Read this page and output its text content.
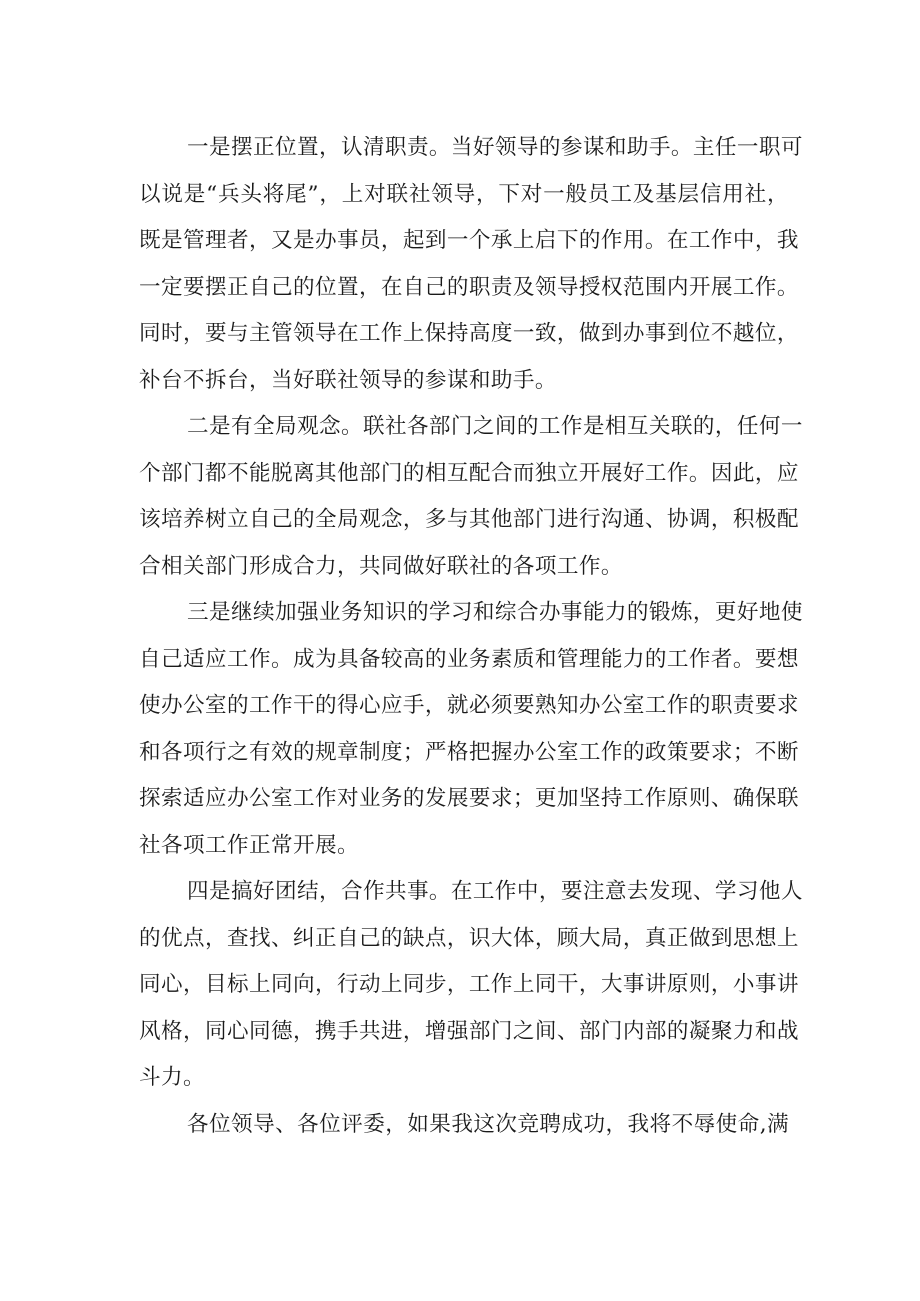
一是摆正位置，认清职责。当好领导的参谋和助手。主任一职可
以说是“兵头将尾”，上对联社领导，下对一般员工及基层信用社，
既是管理者，又是办事员，起到一个承上启下的作用。在工作中，我
一定要摆正自己的位置，在自己的职责及领导授权范围内开展工作。
同时，要与主管领导在工作上保持高度一致，做到办事到位不越位，
补台不拆台，当好联社领导的参谋和助手。
二是有全局观念。联社各部门之间的工作是相互关联的，任何一
个部门都不能脱离其他部门的相互配合而独立开展好工作。因此，应
该培养树立自己的全局观念，多与其他部门进行沟通、协调，积极配
合相关部门形成合力，共同做好联社的各项工作。
三是继续加强业务知识的学习和综合办事能力的锻炼，更好地使
自己适应工作。成为具备较高的业务素质和管理能力的工作者。要想
使办公室的工作干的得心应手，就必须要熟知办公室工作的职责要求
和各项行之有效的规章制度；严格把握办公室工作的政策要求；不断
探索适应办公室工作对业务的发展要求；更加坚持工作原则、确保联
社各项工作正常开展。
四是搞好团结，合作共事。在工作中，要注意去发现、学习他人
的优点，查找、纠正自己的缺点，识大体，顾大局，真正做到思想上
同心，目标上同向，行动上同步，工作上同干，大事讲原则，小事讲
风格，同心同德，携手共进，增强部门之间、部门内部的凝聚力和战
斗力。
各位领导、各位评委，如果我这次竞聘成功，我将不辱使命,满
